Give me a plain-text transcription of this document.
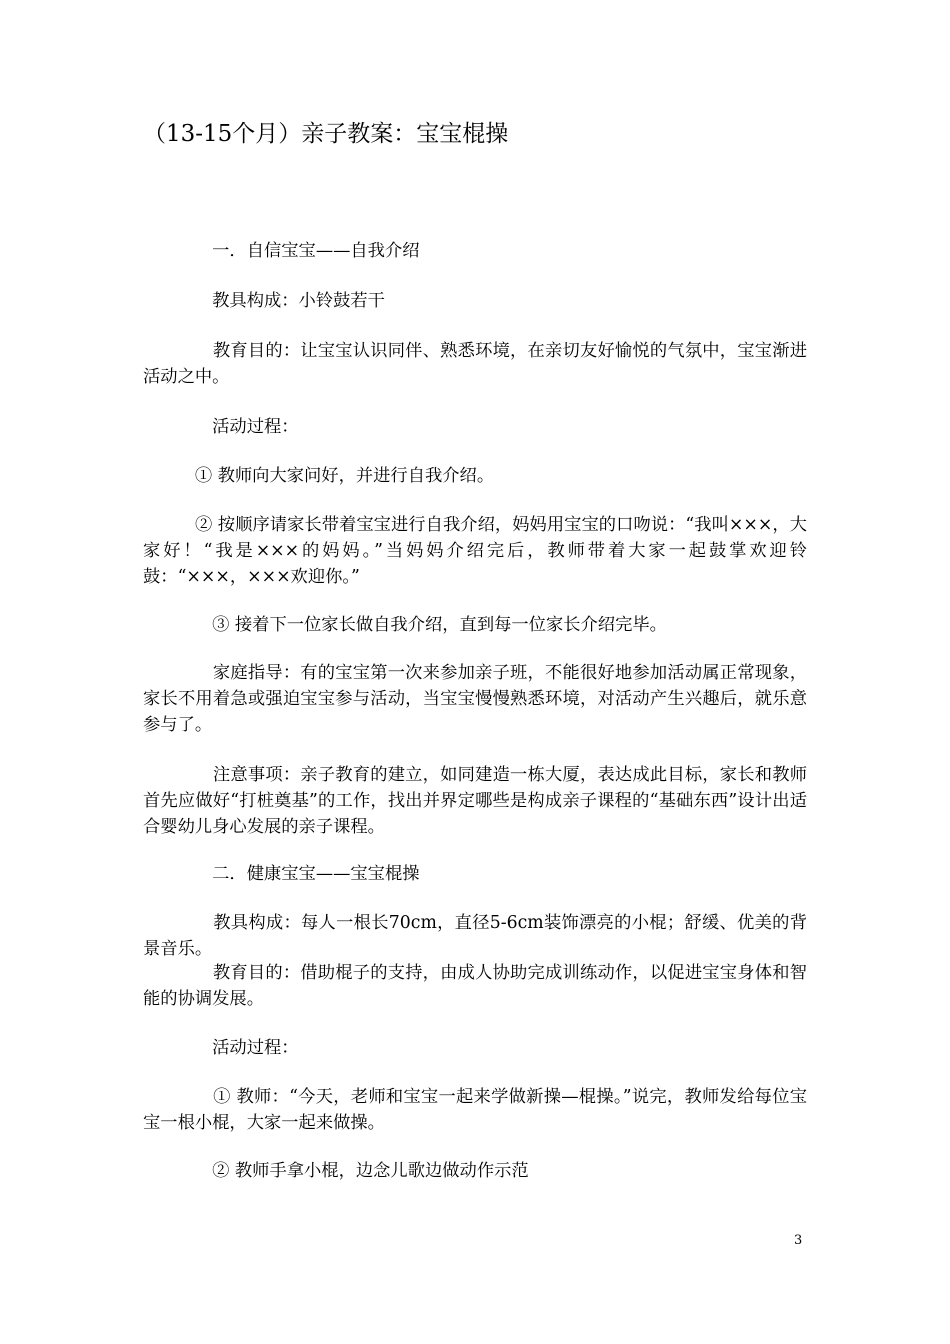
（13-15个月）亲子教案：宝宝棍操
　　　　一．自信宝宝——自我介绍
　　　　教具构成：小铃鼓若干
　　　　教育目的：让宝宝认识同伴、熟悉环境，在亲切友好愉悦的气氛中，宝宝渐进 活动之中。
　　　　活动过程：
　　　① 教师向大家问好，并进行自我介绍。
　　　② 按顺序请家长带着宝宝进行自我介绍，妈妈用宝宝的口吻说：“我叫×××，大家好！“我是×××的妈妈。”当妈妈介绍完后，教师带着大家一起鼓掌欢迎铃鼓：“×××，×××欢迎你。”
　　　　③ 接着下一位家长做自我介绍，直到每一位家长介绍完毕。
　　　　家庭指导：有的宝宝第一次来参加亲子班，不能很好地参加活动属正常现象，家长不用着急或强迫宝宝参与活动，当宝宝慢慢熟悉环境，对活动产生兴趣后，就乐意参与了。
　　　　注意事项：亲子教育的建立，如同建造一栋大厦，表达成此目标，家长和教师首先应做好“打桩奠基”的工作，找出并界定哪些是构成亲子课程的“基础东西”设计出适合婴幼儿身心发展的亲子课程。
　　　　二．健康宝宝——宝宝棍操
　　　　教具构成：每人一根长70cm，直径5-6cm装饰漂亮的小棍；舒缓、优美的背景音乐。
　　　　教育目的：借助棍子的支持，由成人协助完成训练动作，以促进宝宝身体和智 能的协调发展。
　　　　活动过程：
　　　　① 教师：“今天，老师和宝宝一起来学做新操—棍操。”说完，教师发给每位宝宝一根小棍，大家一起来做操。
　　　　② 教师手拿小棍，边念儿歌边做动作示范
3
